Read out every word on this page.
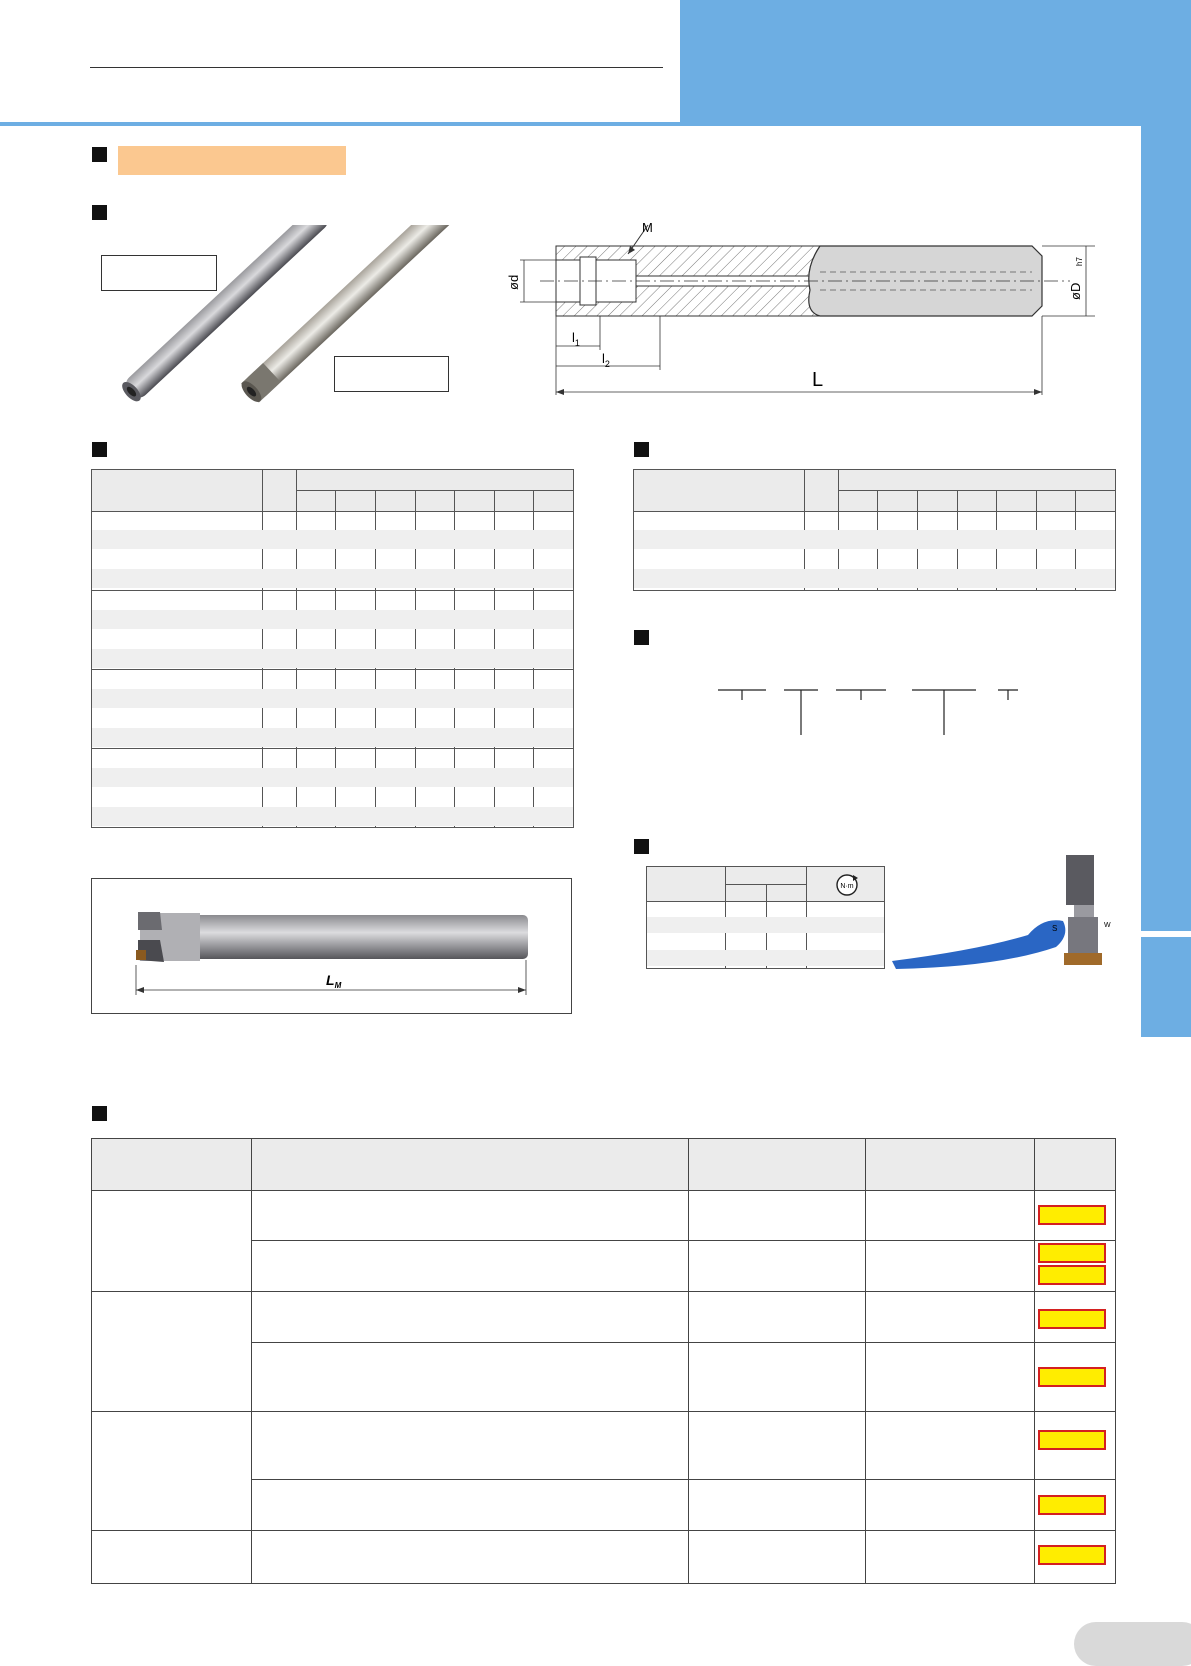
M
$l_1$
$l_2$
L
ød
øD
h7
$L_M$
N·m
S	W
